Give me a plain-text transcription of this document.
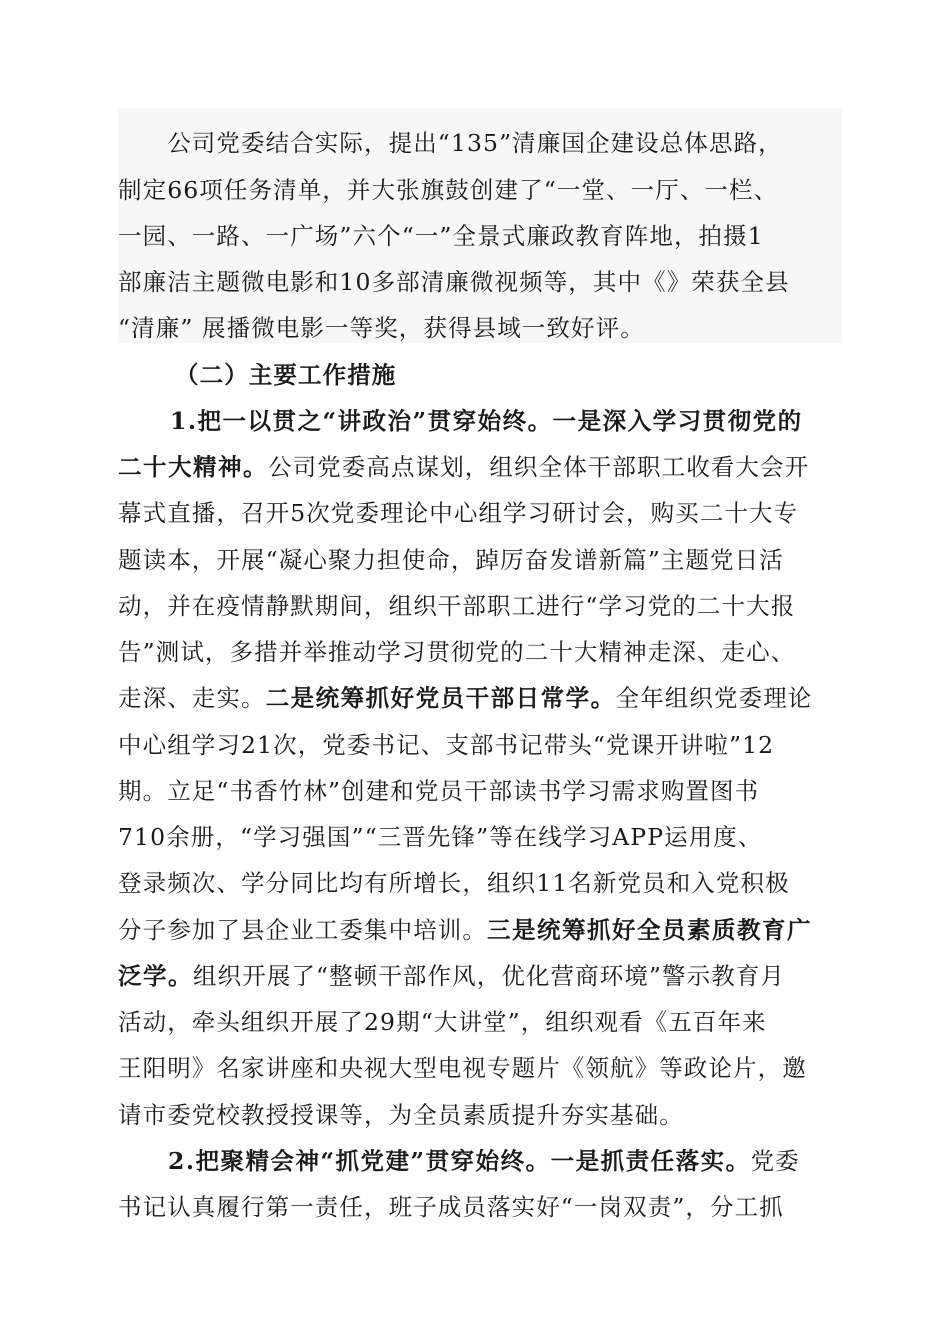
　　公司党委结合实际，提出“135”清廉国企建设总体思路，
制定66项任务清单，并大张旗鼓创建了“一堂、一厅、一栏、
一园、一路、一广场”六个“一”全景式廉政教育阵地，拍摄1
部廉洁主题微电影和10多部清廉微视频等，其中《》荣获全县
“清廉” 展播微电影一等奖，获得县域一致好评。
（二）主要工作措施
1.把一以贯之“讲政治”贯穿始终。一是深入学习贯彻党的
二十大精神。公司党委高点谋划，组织全体干部职工收看大会开
幕式直播，召开5次党委理论中心组学习研讨会，购买二十大专
题读本，开展“凝心聚力担使命，踔厉奋发谱新篇”主题党日活
动，并在疫情静默期间，组织干部职工进行“学习党的二十大报
告”测试，多措并举推动学习贯彻党的二十大精神走深、走心、
走深、走实。二是统筹抓好党员干部日常学。全年组织党委理论
中心组学习21次，党委书记、支部书记带头“党课开讲啦”12
期。立足“书香竹林”创建和党员干部读书学习需求购置图书
710余册，“学习强国”“三晋先锋”等在线学习APP运用度、
登录频次、学分同比均有所增长，组织11名新党员和入党积极
分子参加了县企业工委集中培训。三是统筹抓好全员素质教育广
泛学。组织开展了“整顿干部作风，优化营商环境”警示教育月
活动，牵头组织开展了29期“大讲堂”，组织观看《五百年来
王阳明》名家讲座和央视大型电视专题片《领航》等政论片，邀
请市委党校教授授课等，为全员素质提升夯实基础。
　　2.把聚精会神“抓党建”贯穿始终。一是抓责任落实。党委
书记认真履行第一责任，班子成员落实好“一岗双责”，分工抓
